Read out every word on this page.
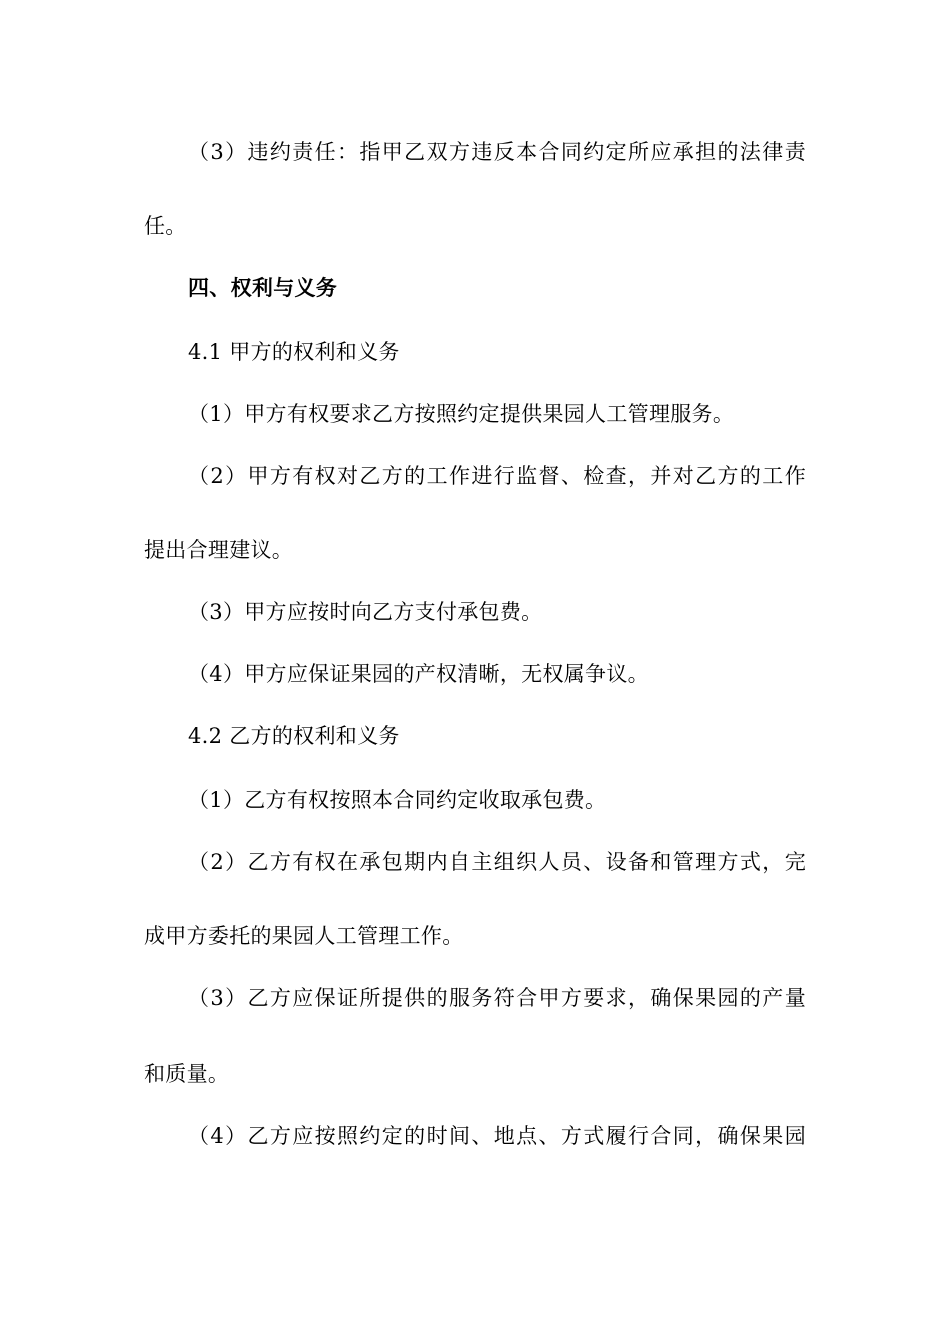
（3）违约责任：指甲乙双方违反本合同约定所应承担的法律责
任。
四、权利与义务
4.1 甲方的权利和义务
（1）甲方有权要求乙方按照约定提供果园人工管理服务。
（2）甲方有权对乙方的工作进行监督、检查，并对乙方的工作
提出合理建议。
（3）甲方应按时向乙方支付承包费。
（4）甲方应保证果园的产权清晰，无权属争议。
4.2 乙方的权利和义务
（1）乙方有权按照本合同约定收取承包费。
（2）乙方有权在承包期内自主组织人员、设备和管理方式，完
成甲方委托的果园人工管理工作。
（3）乙方应保证所提供的服务符合甲方要求，确保果园的产量
和质量。
（4）乙方应按照约定的时间、地点、方式履行合同，确保果园
